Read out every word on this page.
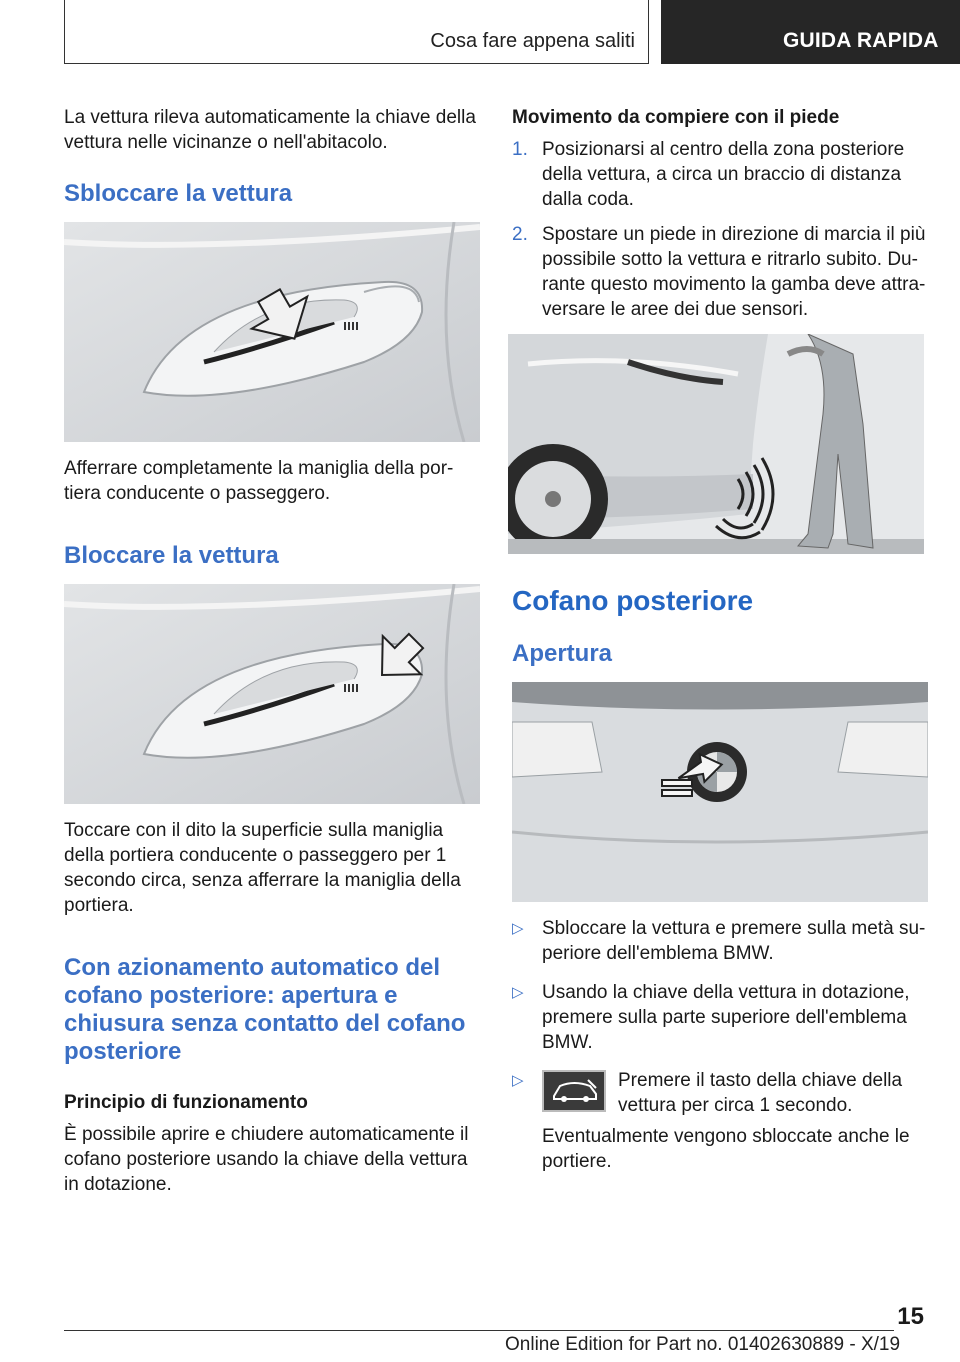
Cosa fare appena saliti	GUIDA RAPIDA
La vettura rileva automaticamente la chiave della vettura nelle vicinanze o nell'abitacolo.
Sbloccare la vettura
Afferrare completamente la maniglia della por-tiera conducente o passeggero.
Bloccare la vettura
Toccare con il dito la superficie sulla maniglia della portiera conducente o passeggero per 1 secondo circa, senza afferrare la maniglia della portiera.
Con azionamento automatico del cofano posteriore: apertura e chiusura senza contatto del cofano posteriore
Principio di funzionamento
È possibile aprire e chiudere automaticamente il cofano posteriore usando la chiave della vettura in dotazione.
Movimento da compiere con il piede
1. Posizionarsi al centro della zona posteriore della vettura, a circa un braccio di distanza dalla coda.
2. Spostare un piede in direzione di marcia il più possibile sotto la vettura e ritrarlo subito. Du-rante questo movimento la gamba deve attra-versare le aree dei due sensori.
Cofano posteriore
Apertura
▷ Sbloccare la vettura e premere sulla metà su-periore dell'emblema BMW.
▷ Usando la chiave della vettura in dotazione, premere sulla parte superiore dell'emblema BMW.
▷	Premere il tasto della chiave della vettura per circa 1 secondo.
Eventualmente vengono sbloccate anche le portiere.
15
Online Edition for Part no. 01402630889 - X/19
